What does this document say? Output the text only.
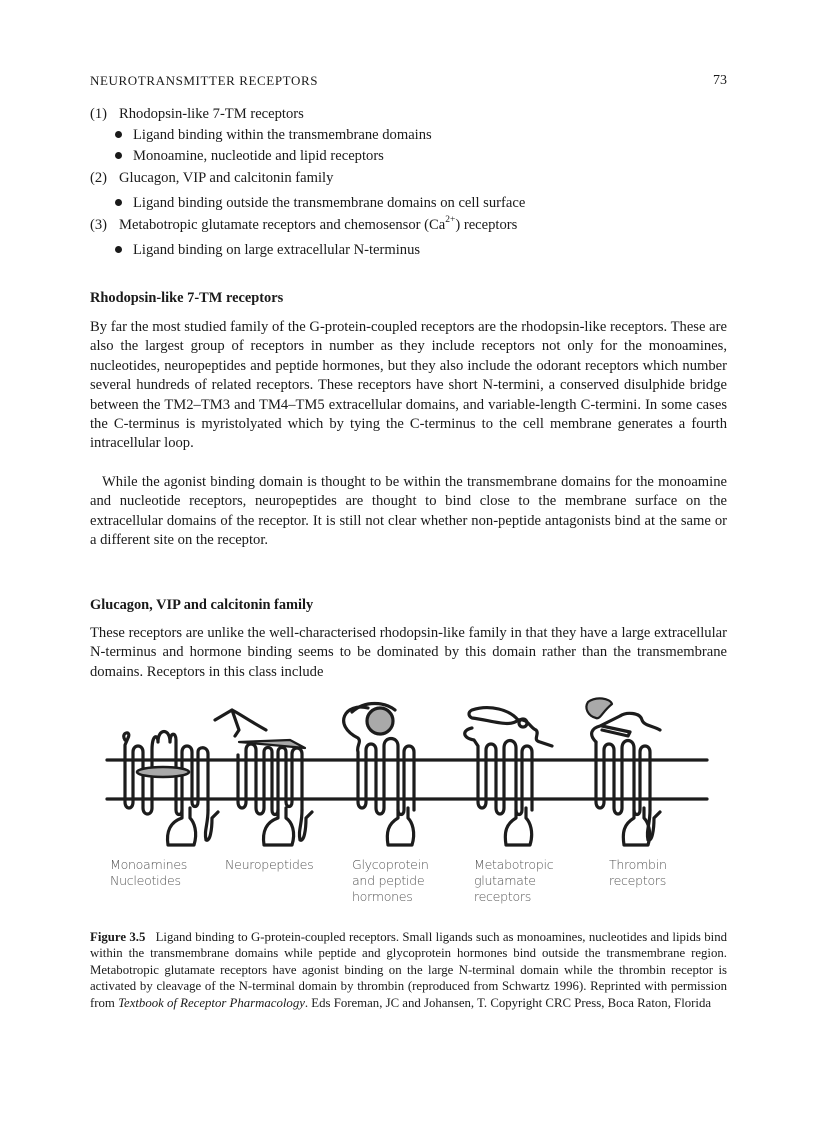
NEUROTRANSMITTER RECEPTORS	73
(1) Rhodopsin-like 7-TM receptors
Ligand binding within the transmembrane domains
Monoamine, nucleotide and lipid receptors
(2) Glucagon, VIP and calcitonin family
Ligand binding outside the transmembrane domains on cell surface
(3) Metabotropic glutamate receptors and chemosensor $(Ca^{2+})$ receptors
Ligand binding on large extracellular N-terminus
Rhodopsin-like 7-TM receptors

By far the most studied family of the G-protein-coupled receptors are the rhodopsin-like receptors. These are also the largest group of receptors in number as they include receptors not only for the monoamines, nucleotides, neuropeptides and peptide hormones, but they also include the odorant receptors which number several hundreds of related receptors. These receptors have short N-termini, a conserved disulphide bridge between the TM2–TM3 and TM4–TM5 extracellular domains, and variable-length C-termini. In some cases the C-terminus is myristolyated which by tying the C-terminus to the cell membrane generates a fourth intracellular loop.

While the agonist binding domain is thought to be within the transmembrane domains for the monoamine and nucleotide receptors, neuropeptides are thought to bind close to the membrane surface on the extracellular domains of the receptor. It is still not clear whether non-peptide antagonists bind at the same or a different site on the receptor.

Glucagon, VIP and calcitonin family

These receptors are unlike the well-characterised rhodopsin-like family in that they have a large extracellular N-terminus and hormone binding seems to be dominated by this domain rather than the transmembrane domains. Receptors in this class include

Figure 3.5 Ligand binding to G-protein-coupled receptors. Small ligands such as monoamines, nucleotides and lipids bind within the transmembrane domains while peptide and glycoprotein hormones bind outside the transmembrane region. Metabotropic glutamate receptors have agonist binding on the large N-terminal domain while the thrombin receptor is activated by cleavage of the N-terminal domain by thrombin (reproduced from Schwartz 1996). Reprinted with permission from Textbook of Receptor Pharmacology. Eds Foreman, JC and Johansen, T. Copyright CRC Press, Boca Raton, Florida

Monoamines
Nucleotides
Neuropeptides	Glycoprotein
and peptide
hormones
Metabotropic
glutamate
receptors
Thrombin
receptors
